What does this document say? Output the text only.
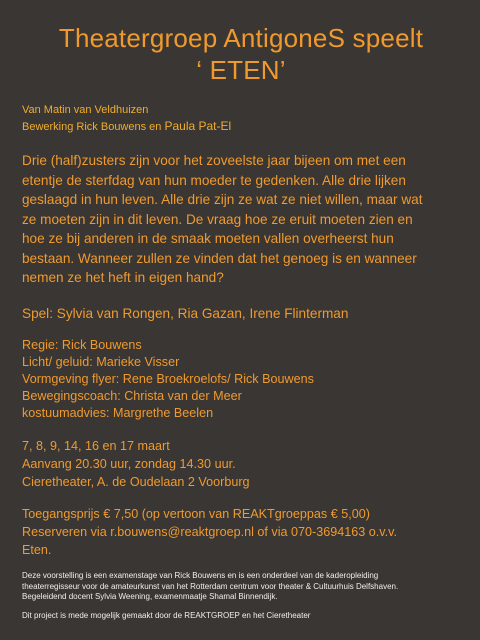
Theatergroep AntigoneS speelt
‘ ETEN’
Van Matin van Veldhuizen
Bewerking Rick Bouwens en Paula Pat-El
Drie (half)zusters zijn voor het zoveelste jaar bijeen om met een
etentje de sterfdag van hun moeder te gedenken. Alle drie lijken
geslaagd in hun leven. Alle drie zijn ze wat ze niet willen, maar wat
ze moeten zijn in dit leven. De vraag hoe ze eruit moeten zien en
hoe ze bij anderen in de smaak moeten vallen overheerst hun
bestaan. Wanneer zullen ze vinden dat het genoeg is en wanneer
nemen ze het heft in eigen hand?
Spel: Sylvia van Rongen, Ria Gazan, Irene Flinterman
Regie: Rick Bouwens
Licht/ geluid: Marieke Visser
Vormgeving flyer: Rene Broekroelofs/ Rick Bouwens
Bewegingscoach: Christa van der Meer
kostuumadvies: Margrethe Beelen
7, 8, 9, 14, 16 en 17 maart
Aanvang 20.30 uur, zondag 14.30 uur.
Cieretheater, A. de Oudelaan 2 Voorburg
Toegangsprijs € 7,50 (op vertoon van REAKTgroeppas € 5,00)
Reserveren via r.bouwens@reaktgroep.nl of via 070-3694163 o.v.v.
Eten.
Deze voorstelling is een examenstage van Rick Bouwens en is een onderdeel van de kaderopleiding
theaterregisseur voor de amateurkunst van het Rotterdam centrum voor theater & Cultuurhuis Delfshaven.
Begeleidend docent Sylvia Weening, examenmaatje Shamal Binnendijk.
Dit project is mede mogelijk gemaakt door de REAKTGROEP en het Cieretheater
